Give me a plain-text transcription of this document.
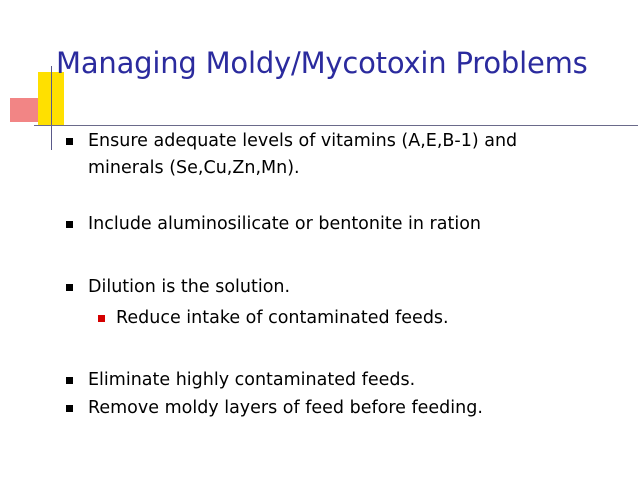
Managing Moldy/Mycotoxin Problems
Ensure adequate levels of vitamins (A,E,B-1) and
minerals (Se,Cu,Zn,Mn).
Include aluminosilicate or bentonite in ration
Dilution is the solution.
Reduce intake of contaminated feeds.
Eliminate highly contaminated feeds.
Remove moldy layers of feed before feeding.
